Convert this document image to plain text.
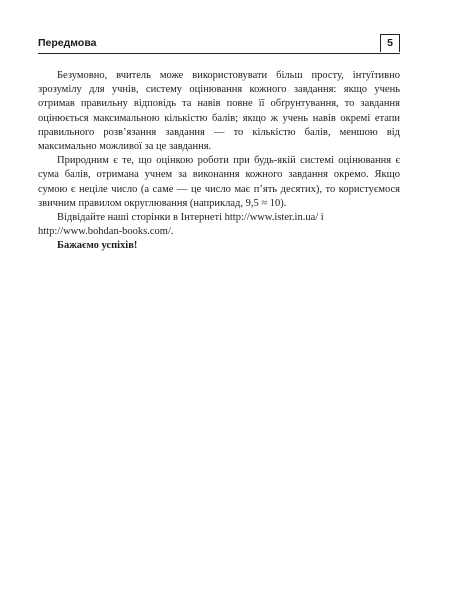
Передмова	5

Безумовно, вчитель може використовувати більш просту, інтуїтивно зрозумілу для учнів, систему оцінювання кожного завдання: якщо учень отримав правильну відповідь та навів повне її обґрунтування, то завдання оцінюється максимальною кількістю балів; якщо ж учень навів окремі етапи правильного розв’язання завдання — то кількістю балів, меншою від максимально можливої за це завдання.

Природним є те, що оцінкою роботи при будь-якій системі оцінювання є сума балів, отримана учнем за виконання кожного завдання окремо. Якщо сумою є неціле число (а саме — це число має п’ять десятих), то користуємося звичним правилом округлювання (наприклад, 9,5 ≈ 10).

Відвідайте наші сторінки в Інтернеті http://www.ister.in.ua/ і http://www.bohdan-books.com/.

Бажаємо успіхів!
